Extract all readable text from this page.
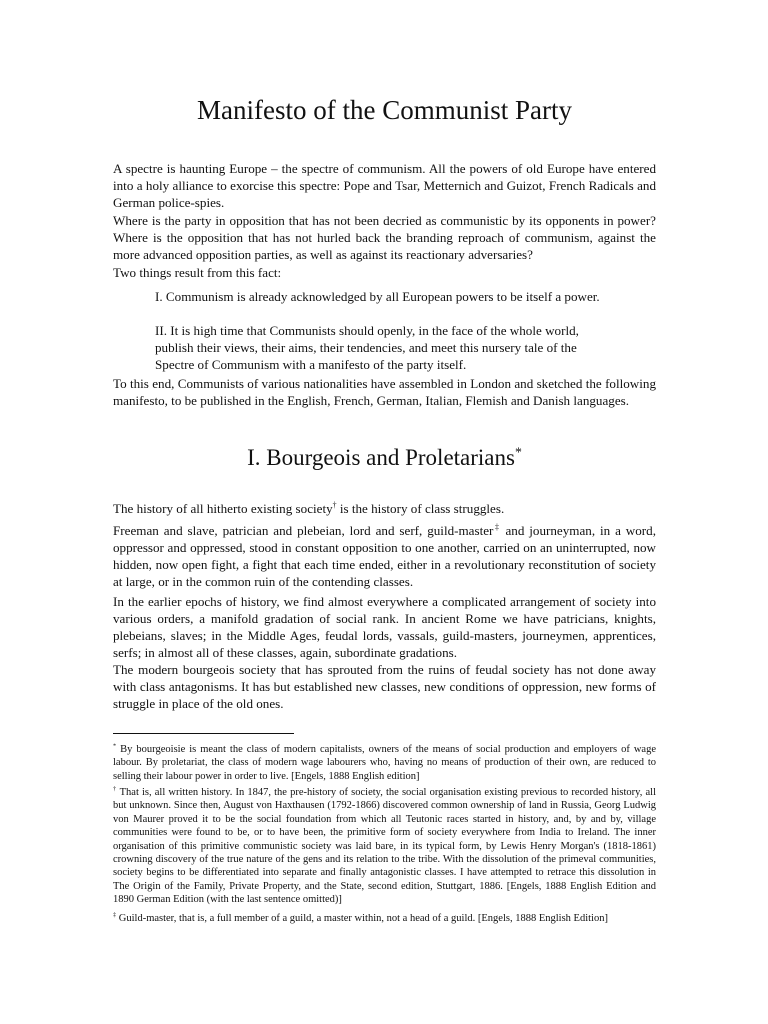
Manifesto of the Communist Party

A spectre is haunting Europe – the spectre of communism. All the powers of old Europe have entered into a holy alliance to exorcise this spectre: Pope and Tsar, Metternich and Guizot, French Radicals and German police-spies.

Where is the party in opposition that has not been decried as communistic by its opponents in power? Where is the opposition that has not hurled back the branding reproach of communism, against the more advanced opposition parties, as well as against its reactionary adversaries?

Two things result from this fact:

I. Communism is already acknowledged by all European powers to be itself a power.

II. It is high time that Communists should openly, in the face of the whole world, publish their views, their aims, their tendencies, and meet this nursery tale of the Spectre of Communism with a manifesto of the party itself.

To this end, Communists of various nationalities have assembled in London and sketched the following manifesto, to be published in the English, French, German, Italian, Flemish and Danish languages.

I. Bourgeois and Proletarians*

The history of all hitherto existing society† is the history of class struggles.

Freeman and slave, patrician and plebeian, lord and serf, guild-master‡ and journeyman, in a word, oppressor and oppressed, stood in constant opposition to one another, carried on an uninterrupted, now hidden, now open fight, a fight that each time ended, either in a revolutionary reconstitution of society at large, or in the common ruin of the contending classes.

In the earlier epochs of history, we find almost everywhere a complicated arrangement of society into various orders, a manifold gradation of social rank. In ancient Rome we have patricians, knights, plebeians, slaves; in the Middle Ages, feudal lords, vassals, guild-masters, journeymen, apprentices, serfs; in almost all of these classes, again, subordinate gradations.

The modern bourgeois society that has sprouted from the ruins of feudal society has not done away with class antagonisms. It has but established new classes, new conditions of oppression, new forms of struggle in place of the old ones.

* By bourgeoisie is meant the class of modern capitalists, owners of the means of social production and employers of wage labour. By proletariat, the class of modern wage labourers who, having no means of production of their own, are reduced to selling their labour power in order to live. [Engels, 1888 English edition]

† That is, all written history. In 1847, the pre-history of society, the social organisation existing previous to recorded history, all but unknown. Since then, August von Haxthausen (1792-1866) discovered common ownership of land in Russia, Georg Ludwig von Maurer proved it to be the social foundation from which all Teutonic races started in history, and, by and by, village communities were found to be, or to have been, the primitive form of society everywhere from India to Ireland. The inner organisation of this primitive communistic society was laid bare, in its typical form, by Lewis Henry Morgan's (1818-1861) crowning discovery of the true nature of the gens and its relation to the tribe. With the dissolution of the primeval communities, society begins to be differentiated into separate and finally antagonistic classes. I have attempted to retrace this dissolution in The Origin of the Family, Private Property, and the State, second edition, Stuttgart, 1886. [Engels, 1888 English Edition and 1890 German Edition (with the last sentence omitted)]

‡ Guild-master, that is, a full member of a guild, a master within, not a head of a guild. [Engels, 1888 English Edition]
